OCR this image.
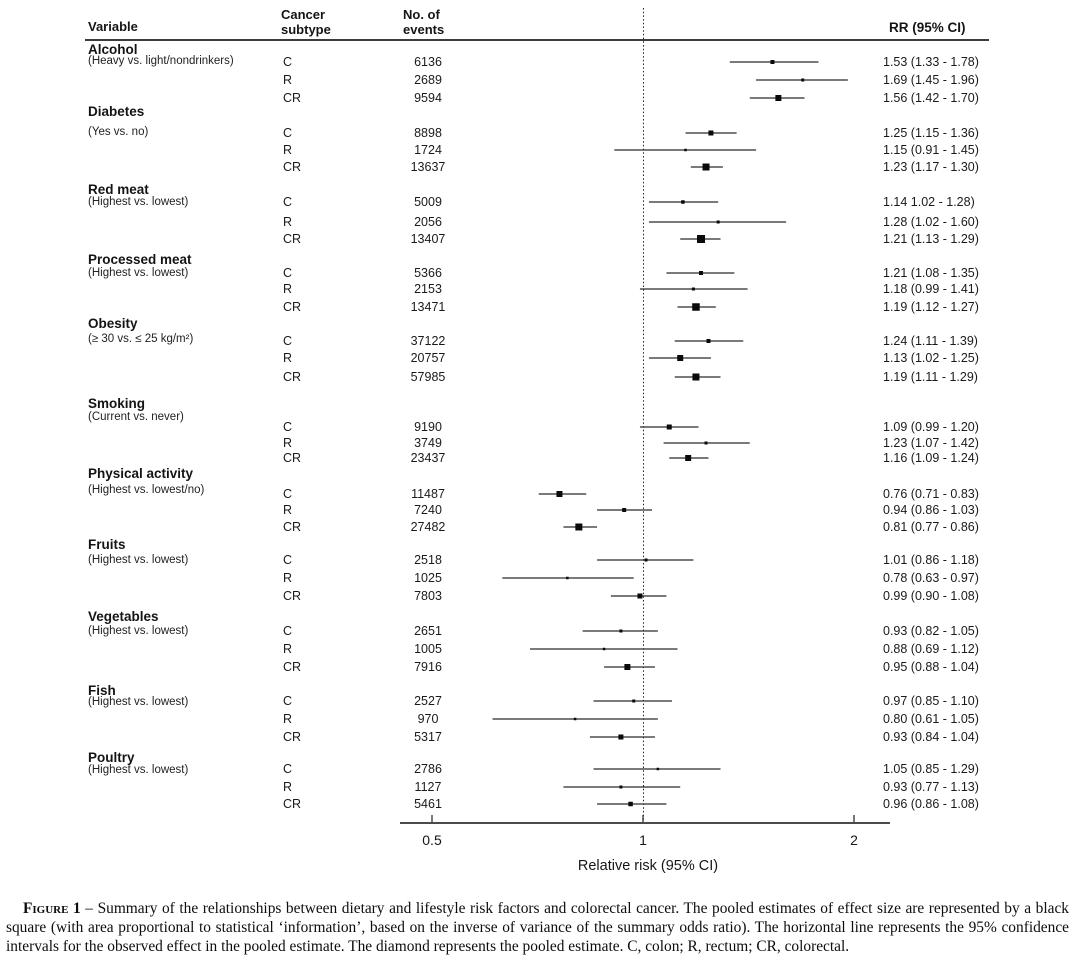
Variable
Cancer
subtype
No. of
events	RR (95% CI)
Alcohol
(Heavy vs. light/nondrinkers)	C	6136	1.53 (1.33 - 1.78)
R	2689	1.69 (1.45 - 1.96)
CR	9594	1.56 (1.42 - 1.70)
Diabetes
(Yes vs. no)	C	8898	1.25 (1.15 - 1.36)
R	1724	1.15 (0.91 - 1.45)
CR	13637	1.23 (1.17 - 1.30)
Red meat
(Highest vs. lowest)	C	5009	1.14 1.02 - 1.28)
R	2056	1.28 (1.02 - 1.60)
CR	13407	1.21 (1.13 - 1.29)
Processed meat
(Highest vs. lowest)	C	5366	1.21 (1.08 - 1.35)
R	2153	1.18 (0.99 - 1.41)
CR	13471	1.19 (1.12 - 1.27)
Obesity
(≥ 30 vs. ≤ 25 kg/m²)	C	37122	1.24 (1.11 - 1.39)
R	20757	1.13 (1.02 - 1.25)
CR	57985	1.19 (1.11 - 1.29)
Smoking
(Current vs. never)
C	9190	1.09 (0.99 - 1.20)
R	3749	1.23 (1.07 - 1.42)
CR	23437	1.16 (1.09 - 1.24)
Physical activity
(Highest vs. lowest/no)	C	11487	0.76 (0.71 - 0.83)
R	7240	0.94 (0.86 - 1.03)
CR	27482	0.81 (0.77 - 0.86)
Fruits
(Highest vs. lowest)	C	2518	1.01 (0.86 - 1.18)
R	1025	0.78 (0.63 - 0.97)
CR	7803	0.99 (0.90 - 1.08)
Vegetables
(Highest vs. lowest)	C	2651	0.93 (0.82 - 1.05)
R	1005	0.88 (0.69 - 1.12)
CR	7916	0.95 (0.88 - 1.04)
Fish
(Highest vs. lowest)	C	2527	0.97 (0.85 - 1.10)
R	970	0.80 (0.61 - 1.05)
CR	5317	0.93 (0.84 - 1.04)
Poultry
(Highest vs. lowest)	C	2786	1.05 (0.85 - 1.29)
R	1127	0.93 (0.77 - 1.13)
CR	5461	0.96 (0.86 - 1.08)
Relative risk (95% CI)
0.5	1	2

Figure 1 – Summary of the relationships between dietary and lifestyle risk factors and colorectal cancer. The pooled estimates of effect size are represented by a black square (with area proportional to statistical ‘information’, based on the inverse of variance of the summary odds ratio). The horizontal line represents the 95% confidence intervals for the observed effect in the pooled estimate. The diamond represents the pooled estimate. C, colon; R, rectum; CR, colorectal.
